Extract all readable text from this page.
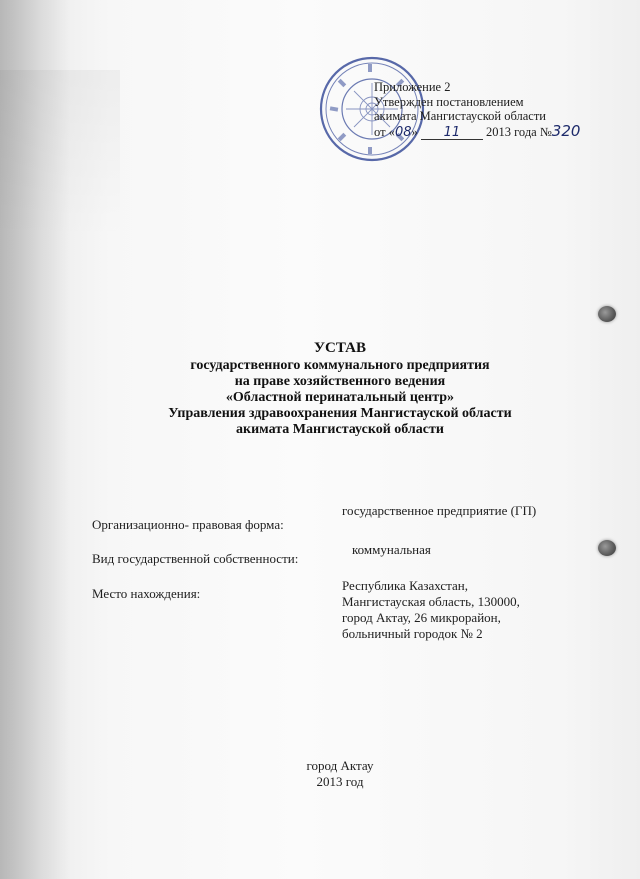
Приложение 2
Утвержден постановлением
акимата Мангистауской области
от «08» 11 2013 года №320
УСТАВ
государственного коммунального предприятия
на праве хозяйственного ведения
«Областной перинатальный центр»
Управления здравоохранения Мангистауской области
акимата Мангистауской области
Организационно- правовая форма:
государственное предприятие (ГП)
Вид государственной собственности:
коммунальная
Место нахождения:
Республика Казахстан,
Мангистауская область, 130000,
город Актау, 26 микрорайон,
больничный городок № 2
город Актау
2013 год
